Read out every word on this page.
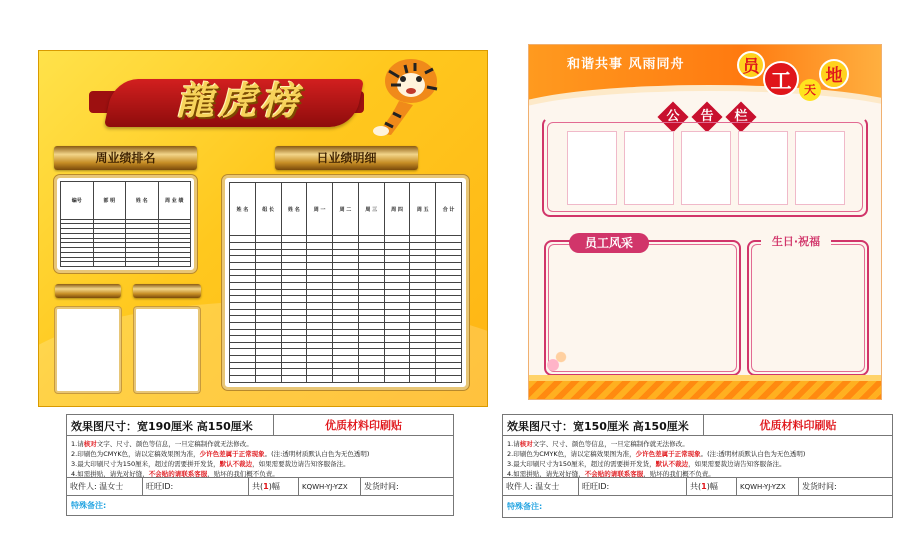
龍虎榜
周业绩排名	日业绩明细
编号	部 明	姓 名	周 业 绩

姓 名	组 长	姓 名	周 一	周 二	周 三	周 四	周 五	合 计

和谐共事 风雨同舟	员
工	天
地
公	告	栏
员工风采	生日·祝福
效果图尺寸：宽190厘米 高150厘米	优质材料印刷贴
1.请核对文字、尺寸、颜色等信息，一旦定稿制作就无法修改。
2.印刷色为CMYK色，请以定稿效果图为准，少许色差属于正常现象。(注:透明材质默认白色为无色透明)
3.最大印刷尺寸为150厘米，超过的需要拼开发货，默认不裁边，如果需要裁边请告知客服备注。
4.如需拼贴，请先对好缝，不会贴的请联系客服，贴坏的我们概不负责。
收件人: 温女士	旺旺ID:	共(1)幅	KQWH-YJ-YZX	发货时间:
特殊备注:
效果图尺寸：宽150厘米 高150厘米	优质材料印刷贴
1.请核对文字、尺寸、颜色等信息，一旦定稿制作就无法修改。
2.印刷色为CMYK色，请以定稿效果图为准，少许色差属于正常现象。(注:透明材质默认白色为无色透明)
3.最大印刷尺寸为150厘米，超过的需要拼开发货，默认不裁边，如果需要裁边请告知客服备注。
4.如需拼贴，请先对好缝，不会贴的请联系客服，贴坏的我们概不负责。
收件人: 温女士	旺旺ID:	共(1)幅	KQWH-YJ-YZX	发货时间:
特殊备注:
